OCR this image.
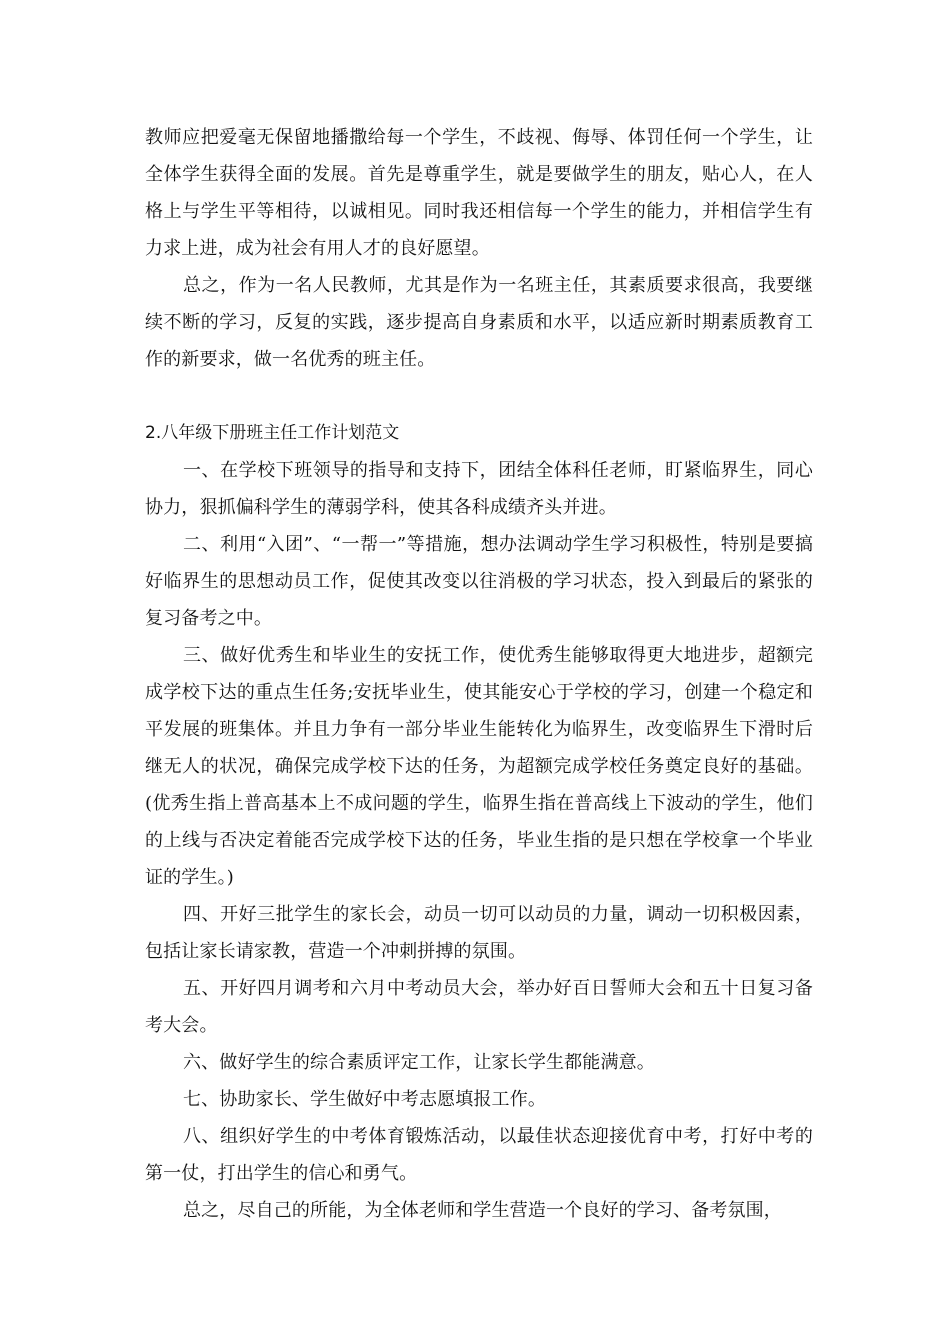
教师应把爱毫无保留地播撒给每一个学生，不歧视、侮辱、体罚任何一个学生，让全体学生获得全面的发展。首先是尊重学生，就是要做学生的朋友，贴心人，在人格上与学生平等相待，以诚相见。同时我还相信每一个学生的能力，并相信学生有力求上进，成为社会有用人才的良好愿望。

总之，作为一名人民教师，尤其是作为一名班主任，其素质要求很高，我要继续不断的学习，反复的实践，逐步提高自身素质和水平，以适应新时期素质教育工作的新要求，做一名优秀的班主任。

2.八年级下册班主任工作计划范文

一、在学校下班领导的指导和支持下，团结全体科任老师，盯紧临界生，同心协力，狠抓偏科学生的薄弱学科，使其各科成绩齐头并进。

二、利用“入团”、“一帮一”等措施，想办法调动学生学习积极性，特别是要搞好临界生的思想动员工作，促使其改变以往消极的学习状态，投入到最后的紧张的复习备考之中。

三、做好优秀生和毕业生的安抚工作，使优秀生能够取得更大地进步，超额完成学校下达的重点生任务;安抚毕业生，使其能安心于学校的学习，创建一个稳定和平发展的班集体。并且力争有一部分毕业生能转化为临界生，改变临界生下滑时后继无人的状况，确保完成学校下达的任务，为超额完成学校任务奠定良好的基础。(优秀生指上普高基本上不成问题的学生，临界生指在普高线上下波动的学生，他们的上线与否决定着能否完成学校下达的任务，毕业生指的是只想在学校拿一个毕业证的学生。)

四、开好三批学生的家长会，动员一切可以动员的力量，调动一切积极因素，包括让家长请家教，营造一个冲刺拼搏的氛围。

五、开好四月调考和六月中考动员大会，举办好百日誓师大会和五十日复习备考大会。

六、做好学生的综合素质评定工作，让家长学生都能满意。

七、协助家长、学生做好中考志愿填报工作。

八、组织好学生的中考体育锻炼活动，以最佳状态迎接优育中考，打好中考的第一仗，打出学生的信心和勇气。

总之，尽自己的所能，为全体老师和学生营造一个良好的学习、备考氛围，
